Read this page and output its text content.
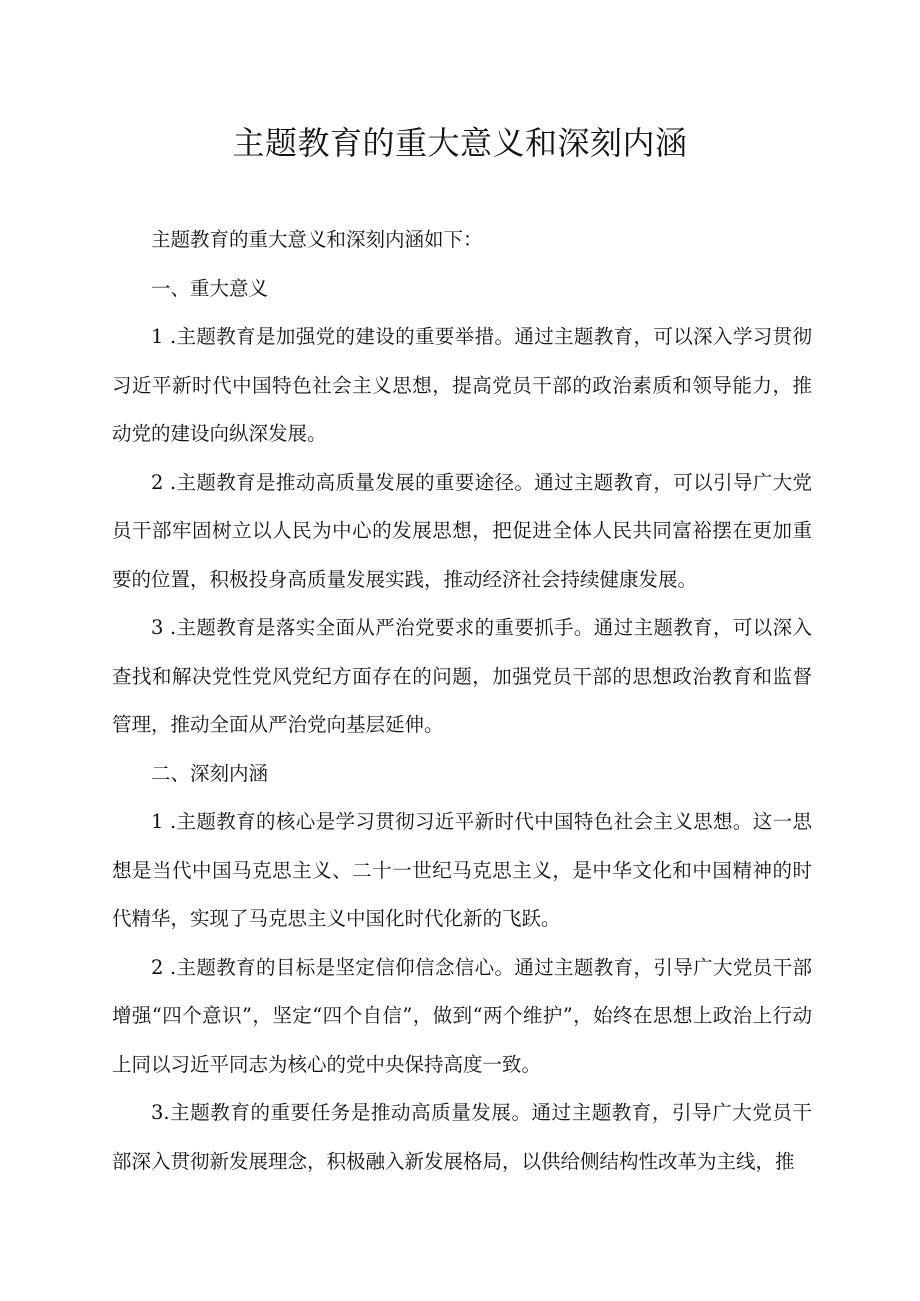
主题教育的重大意义和深刻内涵

主题教育的重大意义和深刻内涵如下：

一、重大意义

1 .主题教育是加强党的建设的重要举措。通过主题教育，可以深入学习贯彻习近平新时代中国特色社会主义思想，提高党员干部的政治素质和领导能力，推动党的建设向纵深发展。

2 .主题教育是推动高质量发展的重要途径。通过主题教育，可以引导广大党员干部牢固树立以人民为中心的发展思想，把促进全体人民共同富裕摆在更加重要的位置，积极投身高质量发展实践，推动经济社会持续健康发展。

3 .主题教育是落实全面从严治党要求的重要抓手。通过主题教育，可以深入查找和解决党性党风党纪方面存在的问题，加强党员干部的思想政治教育和监督管理，推动全面从严治党向基层延伸。

二、深刻内涵

1 .主题教育的核心是学习贯彻习近平新时代中国特色社会主义思想。这一思想是当代中国马克思主义、二十一世纪马克思主义，是中华文化和中国精神的时代精华，实现了马克思主义中国化时代化新的飞跃。

2 .主题教育的目标是坚定信仰信念信心。通过主题教育，引导广大党员干部增强“四个意识”，坚定“四个自信”，做到“两个维护”，始终在思想上政治上行动上同以习近平同志为核心的党中央保持高度一致。

3.主题教育的重要任务是推动高质量发展。通过主题教育，引导广大党员干部深入贯彻新发展理念，积极融入新发展格局，以供给侧结构性改革为主线，推
